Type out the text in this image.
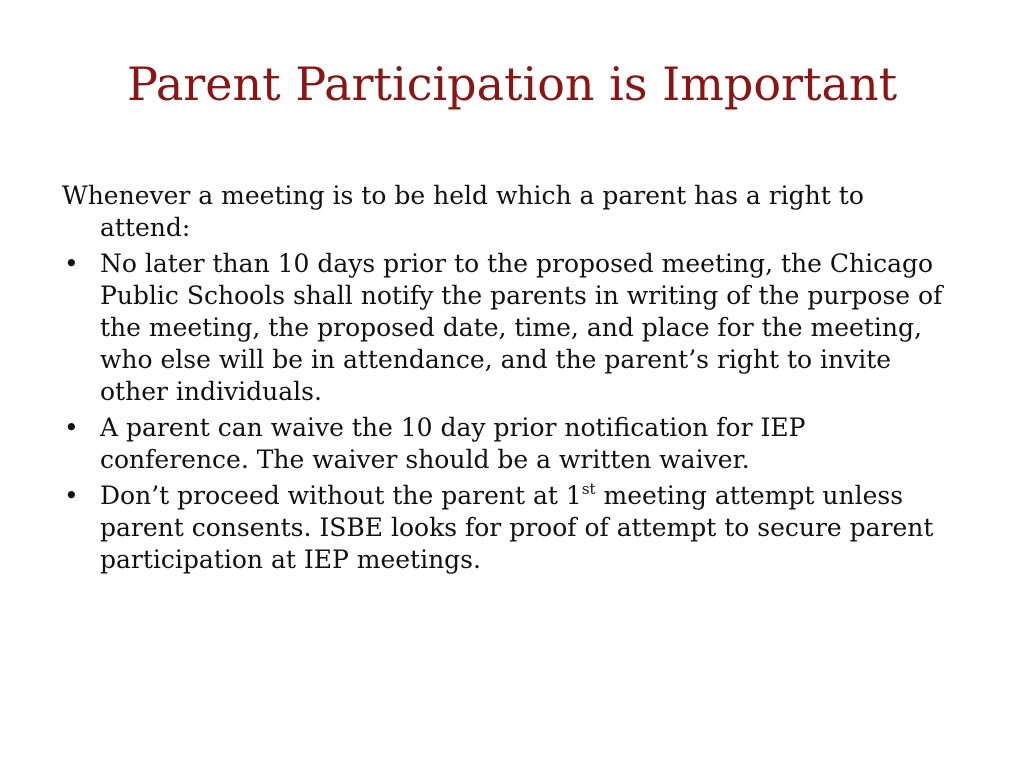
Parent Participation is Important

Whenever a meeting is to be held which a parent has a right to attend:

• No later than 10 days prior to the proposed meeting, the Chicago Public Schools shall notify the parents in writing of the purpose of the meeting, the proposed date, time, and place for the meeting, who else will be in attendance, and the parent’s right to invite other individuals.
• A parent can waive the 10 day prior notification for IEP conference. The waiver should be a written waiver.
• Don’t proceed without the parent at 1st meeting attempt unless parent consents. ISBE looks for proof of attempt to secure parent participation at IEP meetings.
